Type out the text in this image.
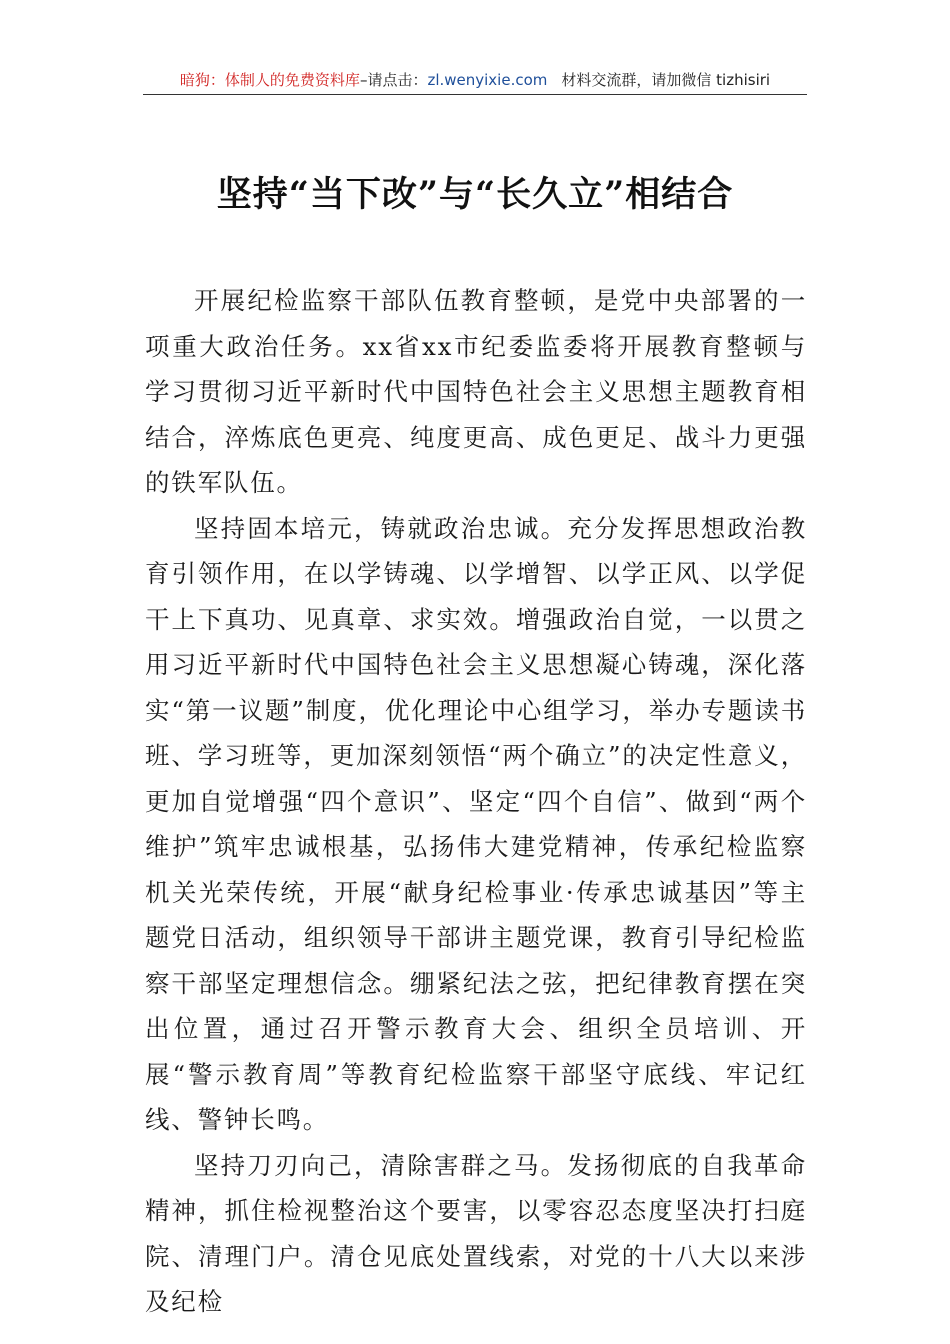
暗狗：体制人的免费资料库–请点击：zl.wenyixie.com 材料交流群，请加微信 tizhisiri
坚持“当下改”与“长久立”相结合

开展纪检监察干部队伍教育整顿，是党中央部署的一项重大政治任务。xx省xx市纪委监委将开展教育整顿与学习贯彻习近平新时代中国特色社会主义思想主题教育相结合，淬炼底色更亮、纯度更高、成色更足、战斗力更强的铁军队伍。

坚持固本培元，铸就政治忠诚。充分发挥思想政治教育引领作用，在以学铸魂、以学增智、以学正风、以学促干上下真功、见真章、求实效。增强政治自觉，一以贯之用习近平新时代中国特色社会主义思想凝心铸魂，深化落实“第一议题”制度，优化理论中心组学习，举办专题读书班、学习班等，更加深刻领悟“两个确立”的决定性意义，更加自觉增强“四个意识”、坚定“四个自信”、做到“两个维护”筑牢忠诚根基，弘扬伟大建党精神，传承纪检监察机关光荣传统，开展“献身纪检事业·传承忠诚基因”等主题党日活动，组织领导干部讲主题党课，教育引导纪检监察干部坚定理想信念。绷紧纪法之弦，把纪律教育摆在突出位置，通过召开警示教育大会、组织全员培训、开展“警示教育周”等教育纪检监察干部坚守底线、牢记红线、警钟长鸣。

坚持刀刃向己，清除害群之马。发扬彻底的自我革命精神，抓住检视整治这个要害，以零容忍态度坚决打扫庭院、清理门户。清仓见底处置线索，对党的十八大以来涉及纪检
